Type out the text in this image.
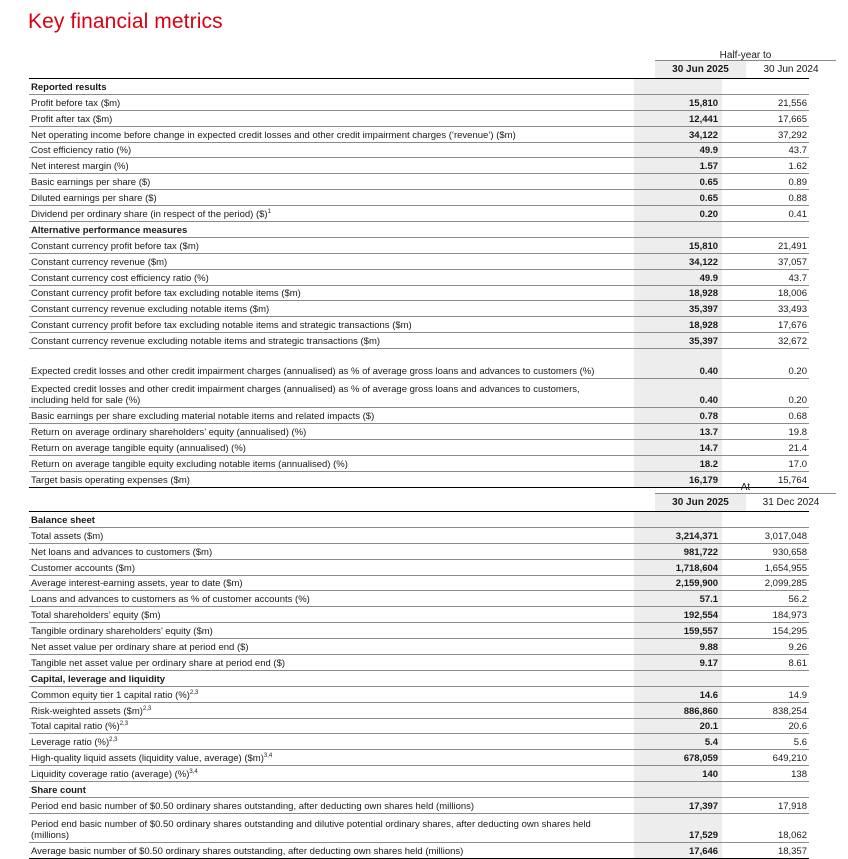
Key financial metrics
Half-year to
30 Jun 2025	30 Jun 2024
Reported results
Profit before tax ($m)	15,810	21,556
Profit after tax ($m)	12,441	17,665
Net operating income before change in expected credit losses and other credit impairment charges (‘revenue’) ($m)	34,122	37,292
Cost efficiency ratio (%)	49.9	43.7
Net interest margin (%)	1.57	1.62
Basic earnings per share ($)	0.65	0.89
Diluted earnings per share ($)	0.65	0.88
Dividend per ordinary share (in respect of the period) ($)$^1$	0.20	0.41
Alternative performance measures
Constant currency profit before tax ($m)	15,810	21,491
Constant currency revenue ($m)	34,122	37,057
Constant currency cost efficiency ratio (%)	49.9	43.7
Constant currency profit before tax excluding notable items ($m)	18,928	18,006
Constant currency revenue excluding notable items ($m)	35,397	33,493
Constant currency profit before tax excluding notable items and strategic transactions ($m)	18,928	17,676
Constant currency revenue excluding notable items and strategic transactions ($m)	35,397	32,672
Expected credit losses and other credit impairment charges (annualised) as % of average gross loans and advances to customers (%)	0.40	0.20
Expected credit losses and other credit impairment charges (annualised) as % of average gross loans and advances to customers, including held for sale (%)	0.40	0.20
Basic earnings per share excluding material notable items and related impacts ($)	0.78	0.68
Return on average ordinary shareholders’ equity (annualised) (%)	13.7	19.8
Return on average tangible equity (annualised) (%)	14.7	21.4
Return on average tangible equity excluding notable items (annualised) (%)	18.2	17.0
Target basis operating expenses ($m)	16,179	15,764
At
30 Jun 2025	31 Dec 2024
Balance sheet
Total assets ($m)	3,214,371	3,017,048
Net loans and advances to customers ($m)	981,722	930,658
Customer accounts ($m)	1,718,604	1,654,955
Average interest-earning assets, year to date ($m)	2,159,900	2,099,285
Loans and advances to customers as % of customer accounts (%)	57.1	56.2
Total shareholders’ equity ($m)	192,554	184,973
Tangible ordinary shareholders’ equity ($m)	159,557	154,295
Net asset value per ordinary share at period end ($)	9.88	9.26
Tangible net asset value per ordinary share at period end ($)	9.17	8.61
Capital, leverage and liquidity
Common equity tier 1 capital ratio (%)$^{2,3}$	14.6	14.9
Risk-weighted assets ($m)$^{2,3}$	886,860	838,254
Total capital ratio (%)$^{2,3}$	20.1	20.6
Leverage ratio (%)$^{2,3}$	5.4	5.6
High-quality liquid assets (liquidity value, average) ($m)$^{3,4}$	678,059	649,210
Liquidity coverage ratio (average) (%)$^{3,4}$	140	138
Share count
Period end basic number of $0.50 ordinary shares outstanding, after deducting own shares held (millions)	17,397	17,918
Period end basic number of $0.50 ordinary shares outstanding and dilutive potential ordinary shares, after deducting own shares held (millions)	17,529	18,062
Average basic number of $0.50 ordinary shares outstanding, after deducting own shares held (millions)	17,646	18,357
